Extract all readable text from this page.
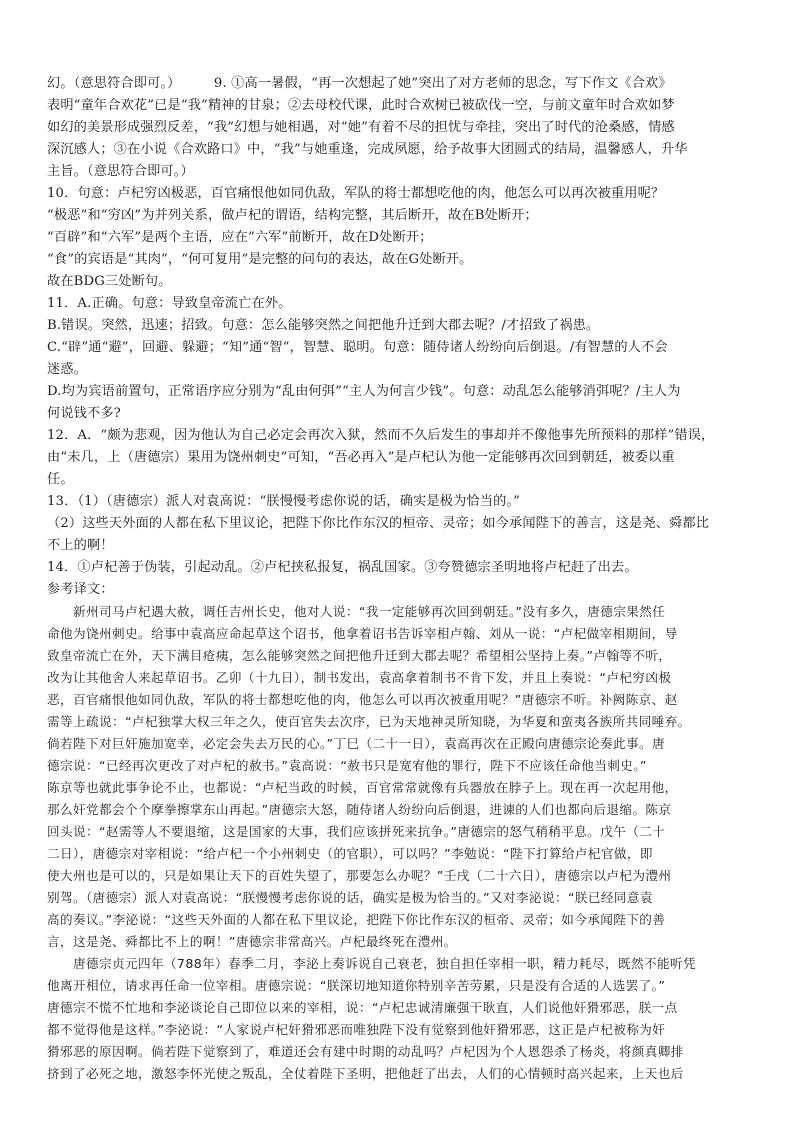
幻。（意思符合即可。）　　　9. ①高一暑假，“再一次想起了她”突出了对方老师的思念，写下作文《合欢》
表明“童年合欢花”已是“我”精神的甘泉；②去母校代课，此时合欢树已被砍伐一空，与前文童年时合欢如梦
如幻的美景形成强烈反差，“我”幻想与她相遇，对“她”有着不尽的担忧与牵挂，突出了时代的沧桑感，情感
深沉感人；③在小说《合欢路口》中，“我”与她重逢，完成夙愿，给予故事大团圆式的结局，温馨感人，升华
主旨。（意思符合即可。）
10．句意：卢杞穷凶极恶，百官痛恨他如同仇敌，军队的将士都想吃他的肉，他怎么可以再次被重用呢？
“极恶”和“穷凶”为并列关系，做卢杞的谓语，结构完整，其后断开，故在B处断开；
“百辟”和“六军”是两个主语，应在“六军”前断开，故在D处断开；
“食”的宾语是“其肉”，“何可复用”是完整的问句的表达，故在G处断开。
故在BDG三处断句。
11．A.正确。句意：导致皇帝流亡在外。
B.错误。突然，迅速；招致。句意：怎么能够突然之间把他升迁到大郡去呢？/才招致了祸患。
C.“辟”通“避”，回避、躲避；“知”通“智”，智慧、聪明。句意：随侍诸人纷纷向后倒退。/有智慧的人不会
迷惑。
D.均为宾语前置句，正常语序应分别为“乱由何弭”“主人为何言少钱”。句意：动乱怎么能够消弭呢？/主人为
何说钱不多?
12．A．“颇为悲观，因为他认为自己必定会再次入狱，然而不久后发生的事却并不像他事先所预料的那样”错误，
由“未几，上（唐德宗）果用为饶州刺史”可知，“吾必再入”是卢杞认为他一定能够再次回到朝廷，被委以重
任。
13．（1）（唐德宗）派人对袁高说：“朕慢慢考虑你说的话，确实是极为恰当的。”
（2）这些天外面的人都在私下里议论，把陛下你比作东汉的桓帝、灵帝；如今承闻陛下的善言，这是尧、舜都比
不上的啊！
14．①卢杞善于伪装，引起动乱。②卢杞挟私报复，祸乱国家。③夸赞德宗圣明地将卢杞赶了出去。
参考译文：
　　新州司马卢杞遇大赦，调任吉州长史，他对人说：“我一定能够再次回到朝廷。”没有多久，唐德宗果然任
命他为饶州刺史。给事中袁高应命起草这个诏书，他拿着诏书告诉宰相卢翰、刘从一说：“卢杞做宰相期间，导
致皇帝流亡在外，天下满目疮痍，怎么能够突然之间把他升迁到大郡去呢？希望相公坚持上奏。”卢翰等不听，
改为让其他舍人来起草诏书。乙卯（十九日），制书发出，袁高拿着制书不肯下发，并且上奏说：“卢杞穷凶极
恶，百官痛恨他如同仇敌，军队的将士都想吃他的肉，他怎么可以再次被重用呢？”唐德宗不听。补阙陈京、赵
需等上疏说：“卢杞独掌大权三年之久，使百官失去次序，已为天地神灵所知晓，为华夏和蛮夷各族所共同唾弃。
倘若陛下对巨奸施加宽幸，必定会失去万民的心。”丁巳（二十一日），袁高再次在正殿向唐德宗论奏此事。唐
德宗说：“已经再次更改了对卢杞的赦书。”袁高说：“赦书只是宽宥他的罪行，陛下不应该任命他当刺史。”
陈京等也就此事争论不止，也都说：“卢杞当政的时候，百官常常就像有兵器放在脖子上。现在再一次起用他，
那么奸党都会个个摩拳擦掌东山再起。”唐德宗大怒，随侍诸人纷纷向后倒退，进谏的人们也都向后退缩。陈京
回头说：“赵需等人不要退缩，这是国家的大事，我们应该拼死来抗争。”唐德宗的怒气稍稍平息。戊午（二十
二日），唐德宗对宰相说：“给卢杞一个小州刺史（的官职），可以吗？”李勉说：“陛下打算给卢杞官做，即
使大州也是可以的，只是如果让天下的百姓失望了，那要怎么办呢？”壬戌（二十六日），唐德宗以卢杞为澧州
别驾。（唐德宗）派人对袁高说：“朕慢慢考虑你说的话，确实是极为恰当的。”又对李泌说：“朕已经同意袁
高的奏议。”李泌说：“这些天外面的人都在私下里议论，把陛下你比作东汉的桓帝、灵帝；如今承闻陛下的善
言，这是尧、舜都比不上的啊！”唐德宗非常高兴。卢杞最终死在澧州。
　　唐德宗贞元四年（788年）春季二月，李泌上奏诉说自己衰老，独自担任宰相一职，精力耗尽，既然不能听凭
他离开相位，请求再任命一位宰相。唐德宗说：“朕深切地知道你特别辛苦劳累，只是没有合适的人选罢了。”
唐德宗不慌不忙地和李泌谈论自己即位以来的宰相，说：“卢杞忠诚清廉强干耿直，人们说他奸猾邪恶，朕一点
都不觉得他是这样。”李泌说：“人家说卢杞奸猾邪恶而唯独陛下没有觉察到他奸猾邪恶，这正是卢杞被称为奸
猾邪恶的原因啊。倘若陛下觉察到了，难道还会有建中时期的动乱吗？卢杞因为个人恩怨杀了杨炎，将颜真卿排
挤到了必死之地，激怒李怀光使之叛乱，全仗着陛下圣明，把他赶了出去，人们的心情顿时高兴起来，上天也后
